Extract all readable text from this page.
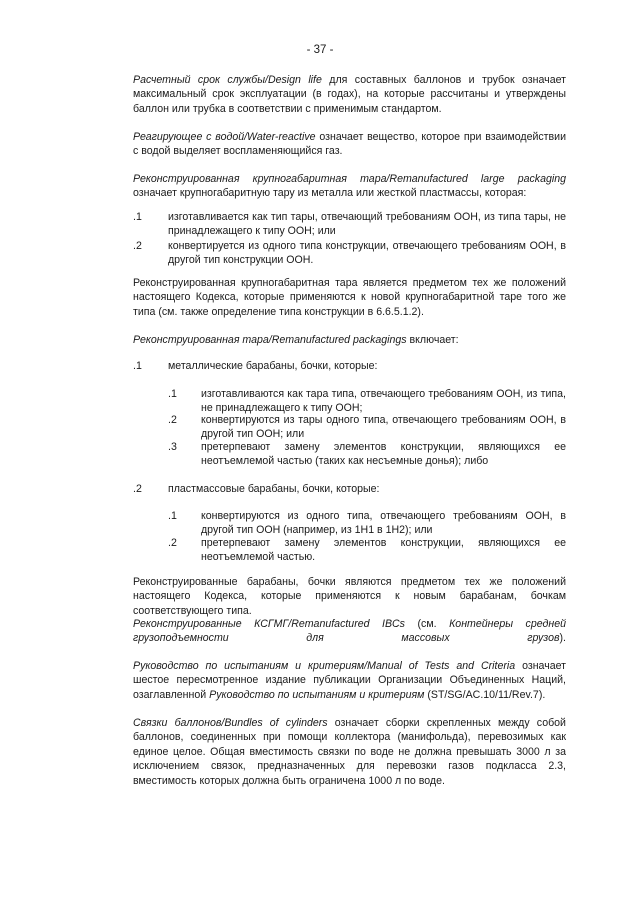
- 37 -

Расчетный срок службы/Design life для составных баллонов и трубок означает максимальный срок эксплуатации (в годах), на которые рассчитаны и утверждены баллон или трубка в соответствии с применимым стандартом.

Реагирующее с водой/Water-reactive означает вещество, которое при взаимодействии с водой выделяет воспламеняющийся газ.

Реконструированная крупногабаритная тара/Remanufactured large packaging означает крупногабаритную тару из металла или жесткой пластмассы, которая:

.1 изготавливается как тип тары, отвечающий требованиям ООН, из типа тары, не принадлежащего к типу ООН; или
.2 конвертируется из одного типа конструкции, отвечающего требованиям ООН, в другой тип конструкции ООН.

Реконструированная крупногабаритная тара является предметом тех же положений настоящего Кодекса, которые применяются к новой крупногабаритной таре того же типа (см. также определение типа конструкции в 6.6.5.1.2).

Реконструированная тара/Remanufactured packagings включает:

.1 металлические барабаны, бочки, которые:
.1 изготавливаются как тара типа, отвечающего требованиям ООН, из типа, не принадлежащего к типу ООН;
.2 конвертируются из тары одного типа, отвечающего требованиям ООН, в другой тип ООН; или
.3 претерпевают замену элементов конструкции, являющихся ее неотъемлемой частью (таких как несъемные донья); либо
.2 пластмассовые барабаны, бочки, которые:
.1 конвертируются из одного типа, отвечающего требованиям ООН, в другой тип ООН (например, из 1H1 в 1H2); или
.2 претерпевают замену элементов конструкции, являющихся ее неотъемлемой частью.

Реконструированные барабаны, бочки являются предметом тех же положений настоящего Кодекса, которые применяются к новым барабанам, бочкам соответствующего типа.

Реконструированные КСГМГ/Remanufactured IBCs (см. Контейнеры средней грузоподъемности для массовых грузов).

Руководство по испытаниям и критериям/Manual of Tests and Criteria означает шестое пересмотренное издание публикации Организации Объединенных Наций, озаглавленной Руководство по испытаниям и критериям (ST/SG/AC.10/11/Rev.7).

Связки баллонов/Bundles of cylinders означает сборки скрепленных между собой баллонов, соединенных при помощи коллектора (манифольда), перевозимых как единое целое. Общая вместимость связки по воде не должна превышать 3000 л за исключением связок, предназначенных для перевозки газов подкласса 2.3, вместимость которых должна быть ограничена 1000 л по воде.
